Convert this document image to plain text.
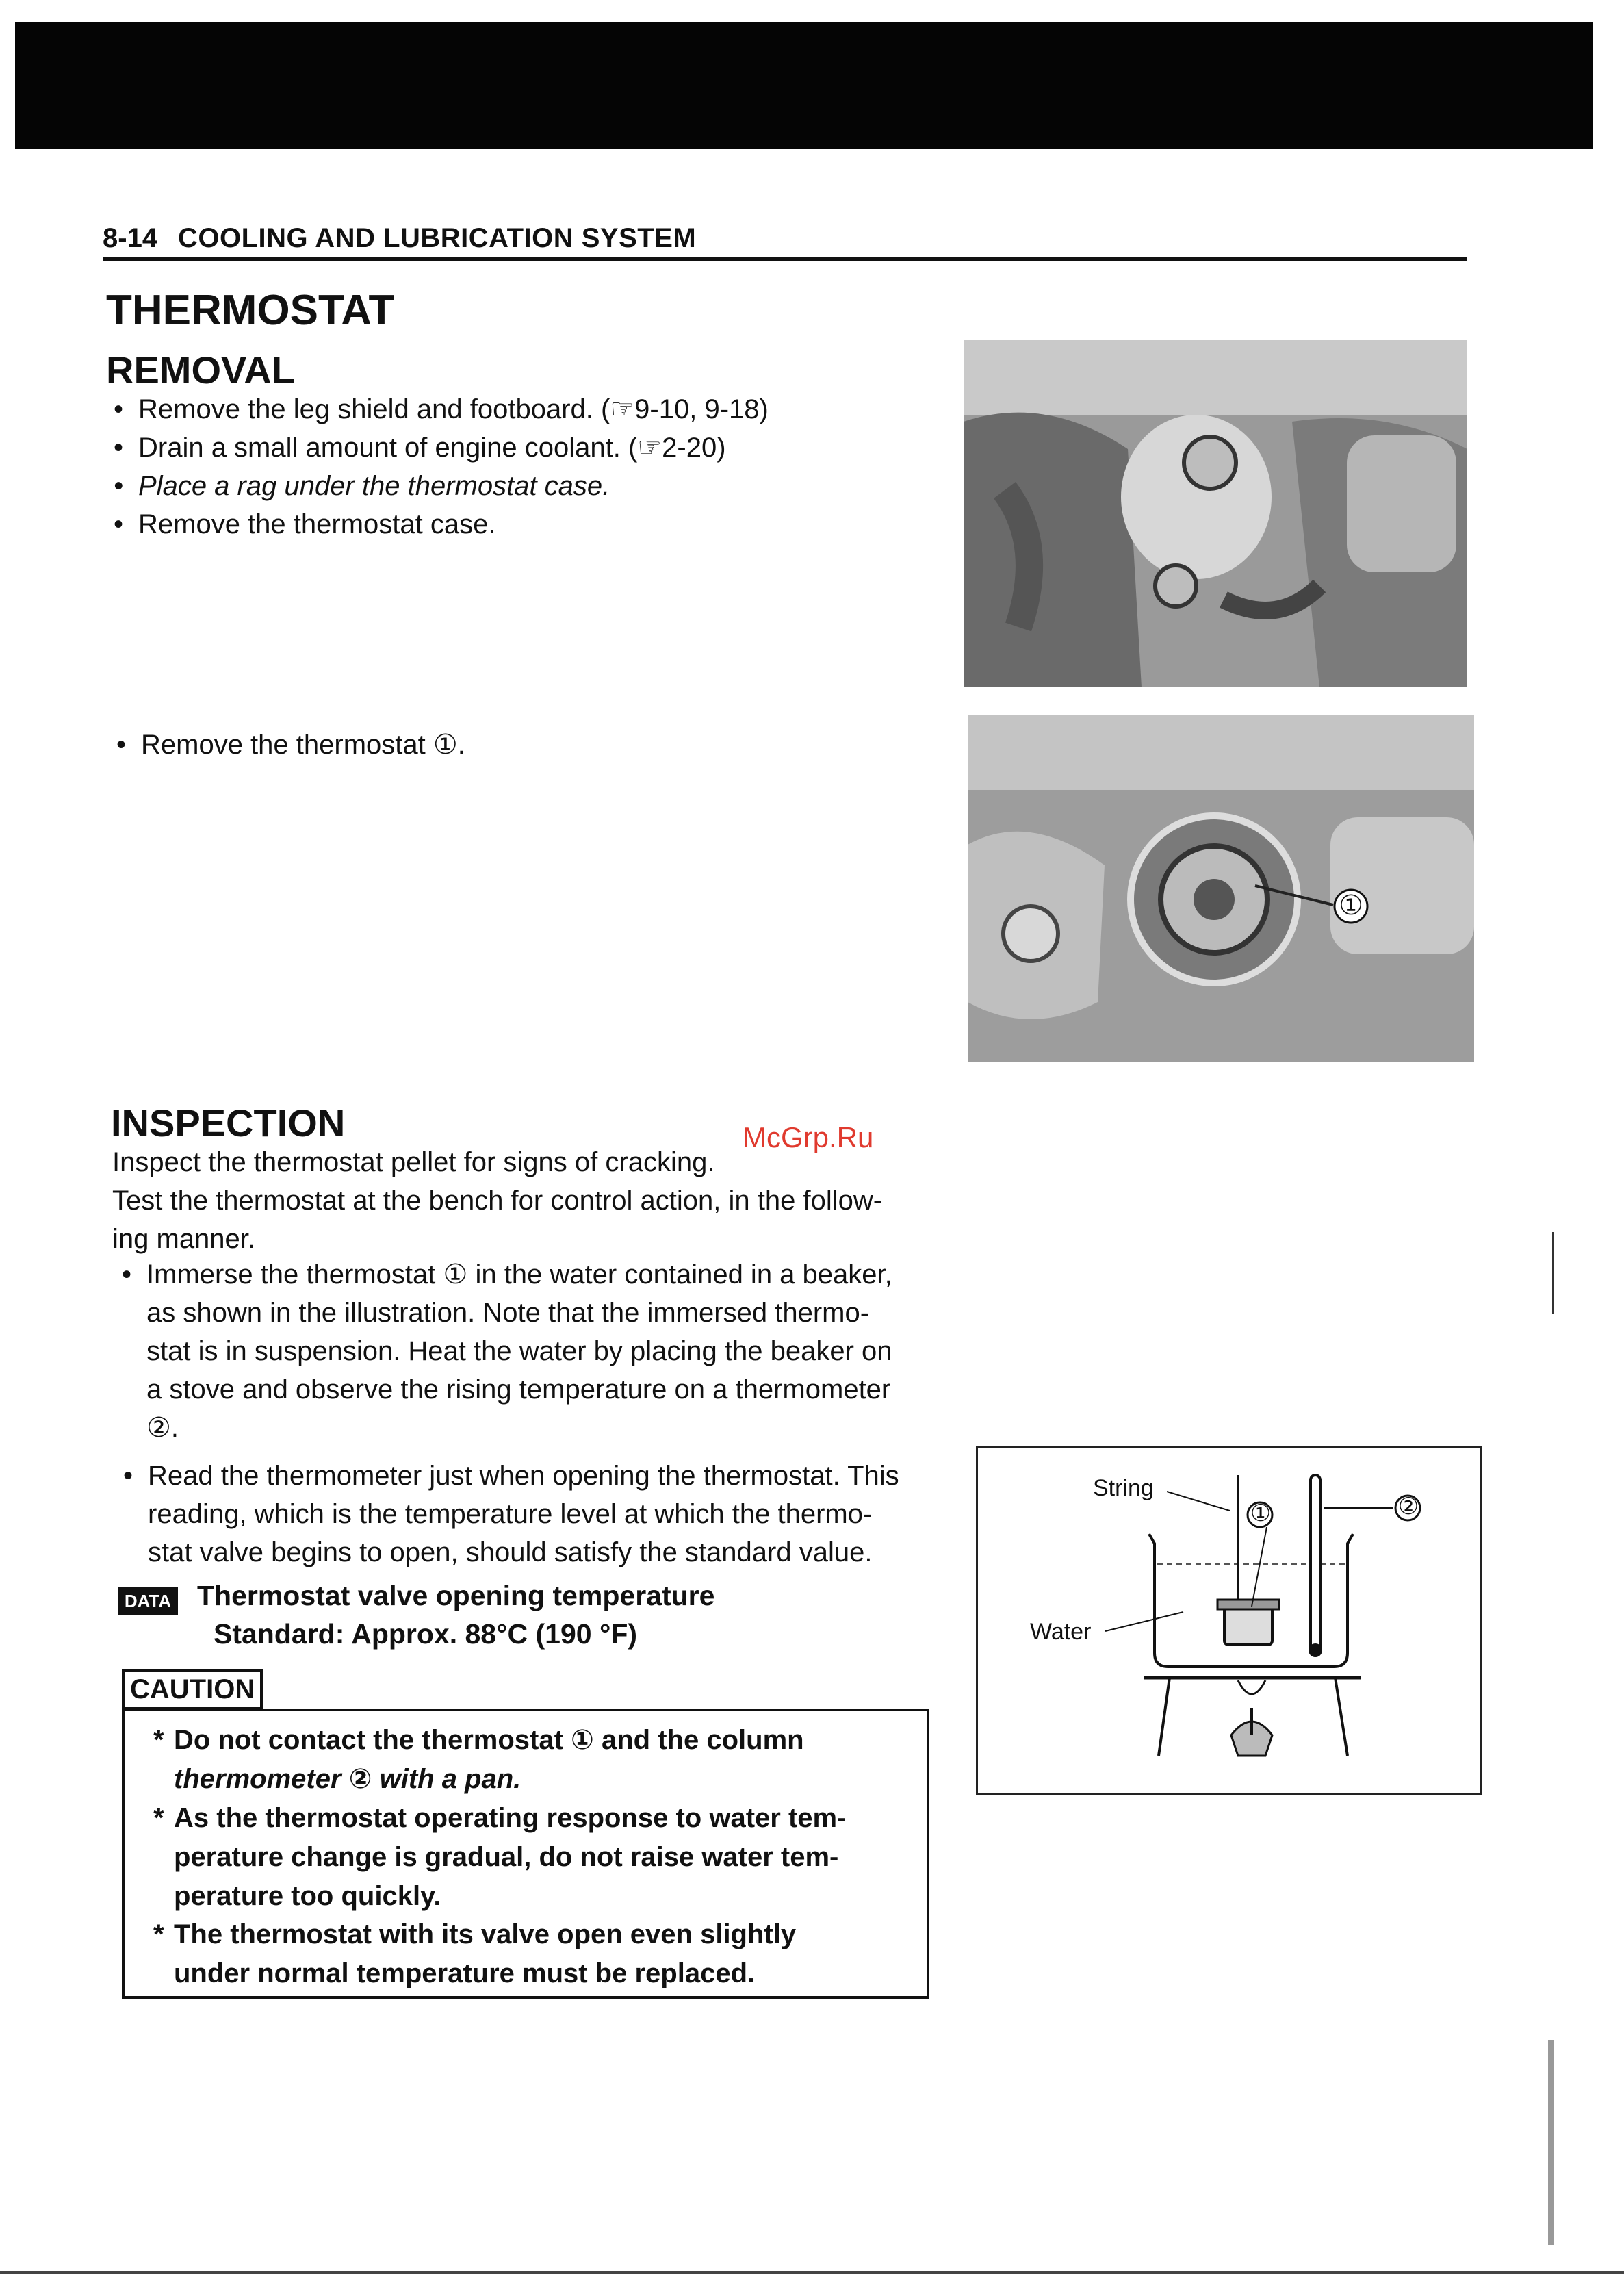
8-14 COOLING AND LUBRICATION SYSTEM
THERMOSTAT
REMOVAL
• Remove the leg shield and footboard. (☞9-10, 9-18)
• Drain a small amount of engine coolant. (☞2-20)
• Place a rag under the thermostat case.
• Remove the thermostat case.
• Remove the thermostat ①.
①
INSPECTION	McGrp.Ru
Inspect the thermostat pellet for signs of cracking.
Test the thermostat at the bench for control action, in the follow-
ing manner.
• Immerse the thermostat ① in the water contained in a beaker,
as shown in the illustration. Note that the immersed thermo-
stat is in suspension. Heat the water by placing the beaker on
a stove and observe the rising temperature on a thermometer
②.
• Read the thermometer just when opening the thermostat. This
reading, which is the temperature level at which the thermo-
stat valve begins to open, should satisfy the standard value.
DATA Thermostat valve opening temperature
Standard: Approx. 88°C (190 °F)
CAUTION
* Do not contact the thermostat ① and the column
thermometer ② with a pan.
* As the thermostat operating response to water tem-
perature change is gradual, do not raise water tem-
perature too quickly.
* The thermostat with its valve open even slightly
under normal temperature must be replaced.
String
Water
①	②
